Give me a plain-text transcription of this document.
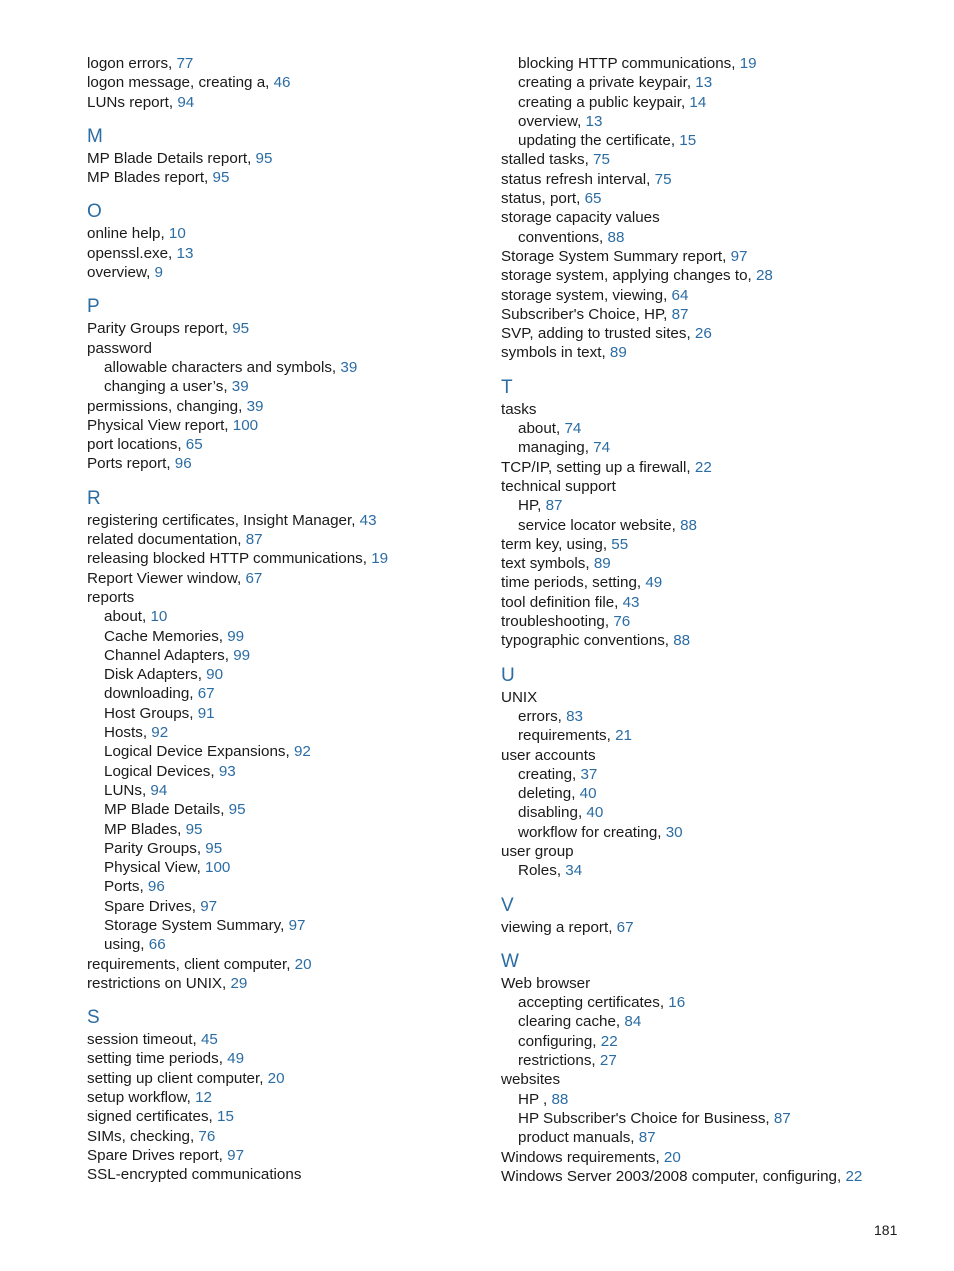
logon errors, 77
logon message, creating a, 46
LUNs report, 94
M
MP Blade Details report, 95
MP Blades report, 95
O
online help, 10
openssl.exe, 13
overview, 9
P
Parity Groups report, 95
password
allowable characters and symbols, 39
changing a user’s, 39
permissions, changing, 39
Physical View report, 100
port locations, 65
Ports report, 96
R
registering certificates, Insight Manager, 43
related documentation, 87
releasing blocked HTTP communications, 19
Report Viewer window, 67
reports
about, 10
Cache Memories, 99
Channel Adapters, 99
Disk Adapters, 90
downloading, 67
Host Groups, 91
Hosts, 92
Logical Device Expansions, 92
Logical Devices, 93
LUNs, 94
MP Blade Details, 95
MP Blades, 95
Parity Groups, 95
Physical View, 100
Ports, 96
Spare Drives, 97
Storage System Summary, 97
using, 66
requirements, client computer, 20
restrictions on UNIX, 29
S
session timeout, 45
setting time periods, 49
setting up client computer, 20
setup workflow, 12
signed certificates, 15
SIMs, checking, 76
Spare Drives report, 97
SSL-encrypted communications
blocking HTTP communications, 19
creating a private keypair, 13
creating a public keypair, 14
overview, 13
updating the certificate, 15
stalled tasks, 75
status refresh interval, 75
status, port, 65
storage capacity values
conventions, 88
Storage System Summary report, 97
storage system, applying changes to, 28
storage system, viewing, 64
Subscriber's Choice, HP, 87
SVP, adding to trusted sites, 26
symbols in text, 89
T
tasks
about, 74
managing, 74
TCP/IP, setting up a firewall, 22
technical support
HP, 87
service locator website, 88
term key, using, 55
text symbols, 89
time periods, setting, 49
tool definition file, 43
troubleshooting, 76
typographic conventions, 88
U
UNIX
errors, 83
requirements, 21
user accounts
creating, 37
deleting, 40
disabling, 40
workflow for creating, 30
user group
Roles, 34
V
viewing a report, 67
W
Web browser
accepting certificates, 16
clearing cache, 84
configuring, 22
restrictions, 27
websites
HP , 88
HP Subscriber's Choice for Business, 87
product manuals, 87
Windows requirements, 20
Windows Server 2003/2008 computer, configuring, 22
181
